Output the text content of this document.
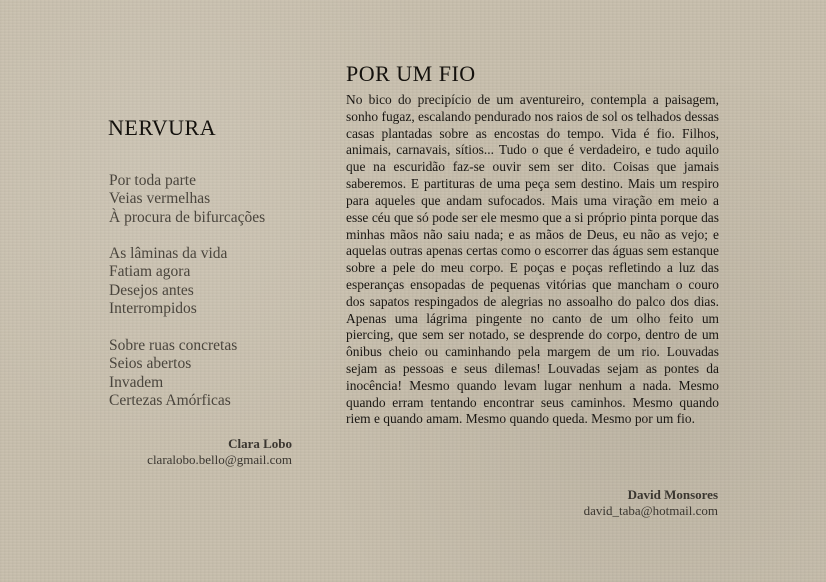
NERVURA

Por toda parte
Veias vermelhas
À procura de bifurcações

As lâminas da vida
Fatiam agora
Desejos antes
Interrompidos

Sobre ruas concretas
Seios abertos
Invadem
Certezas Amórficas

Clara Lobo
claralobo.bello@gmail.com
POR UM FIO

No bico do precipício de um aventureiro, contempla a paisagem, sonho fugaz, escalando pendurado nos raios de sol os telhados dessas casas plantadas sobre as encostas do tempo. Vida é fio. Filhos, animais, carnavais, sítios... Tudo o que é verdadeiro, e tudo aquilo que na escuridão faz-se ouvir sem ser dito. Coisas que jamais saberemos. E partituras de uma peça sem destino. Mais um respiro para aqueles que andam sufocados. Mais uma viração em meio a esse céu que só pode ser ele mesmo que a si próprio pinta porque das minhas mãos não saiu nada; e as mãos de Deus, eu não as vejo; e aquelas outras apenas certas como o escorrer das águas sem estanque sobre a pele do meu corpo. E poças e poças refletindo a luz das esperanças ensopadas de pequenas vitórias que mancham o couro dos sapatos respingados de alegrias no assoalho do palco dos dias. Apenas uma lágrima pingente no canto de um olho feito um piercing, que sem ser notado, se desprende do corpo, dentro de um ônibus cheio ou caminhando pela margem de um rio. Louvadas sejam as pessoas e seus dilemas! Louvadas sejam as pontes da inocência! Mesmo quando levam lugar nenhum a nada. Mesmo quando erram tentando encontrar seus caminhos. Mesmo quando riem e quando amam. Mesmo quando queda. Mesmo por um fio.

David Monsores
david_taba@hotmail.com
